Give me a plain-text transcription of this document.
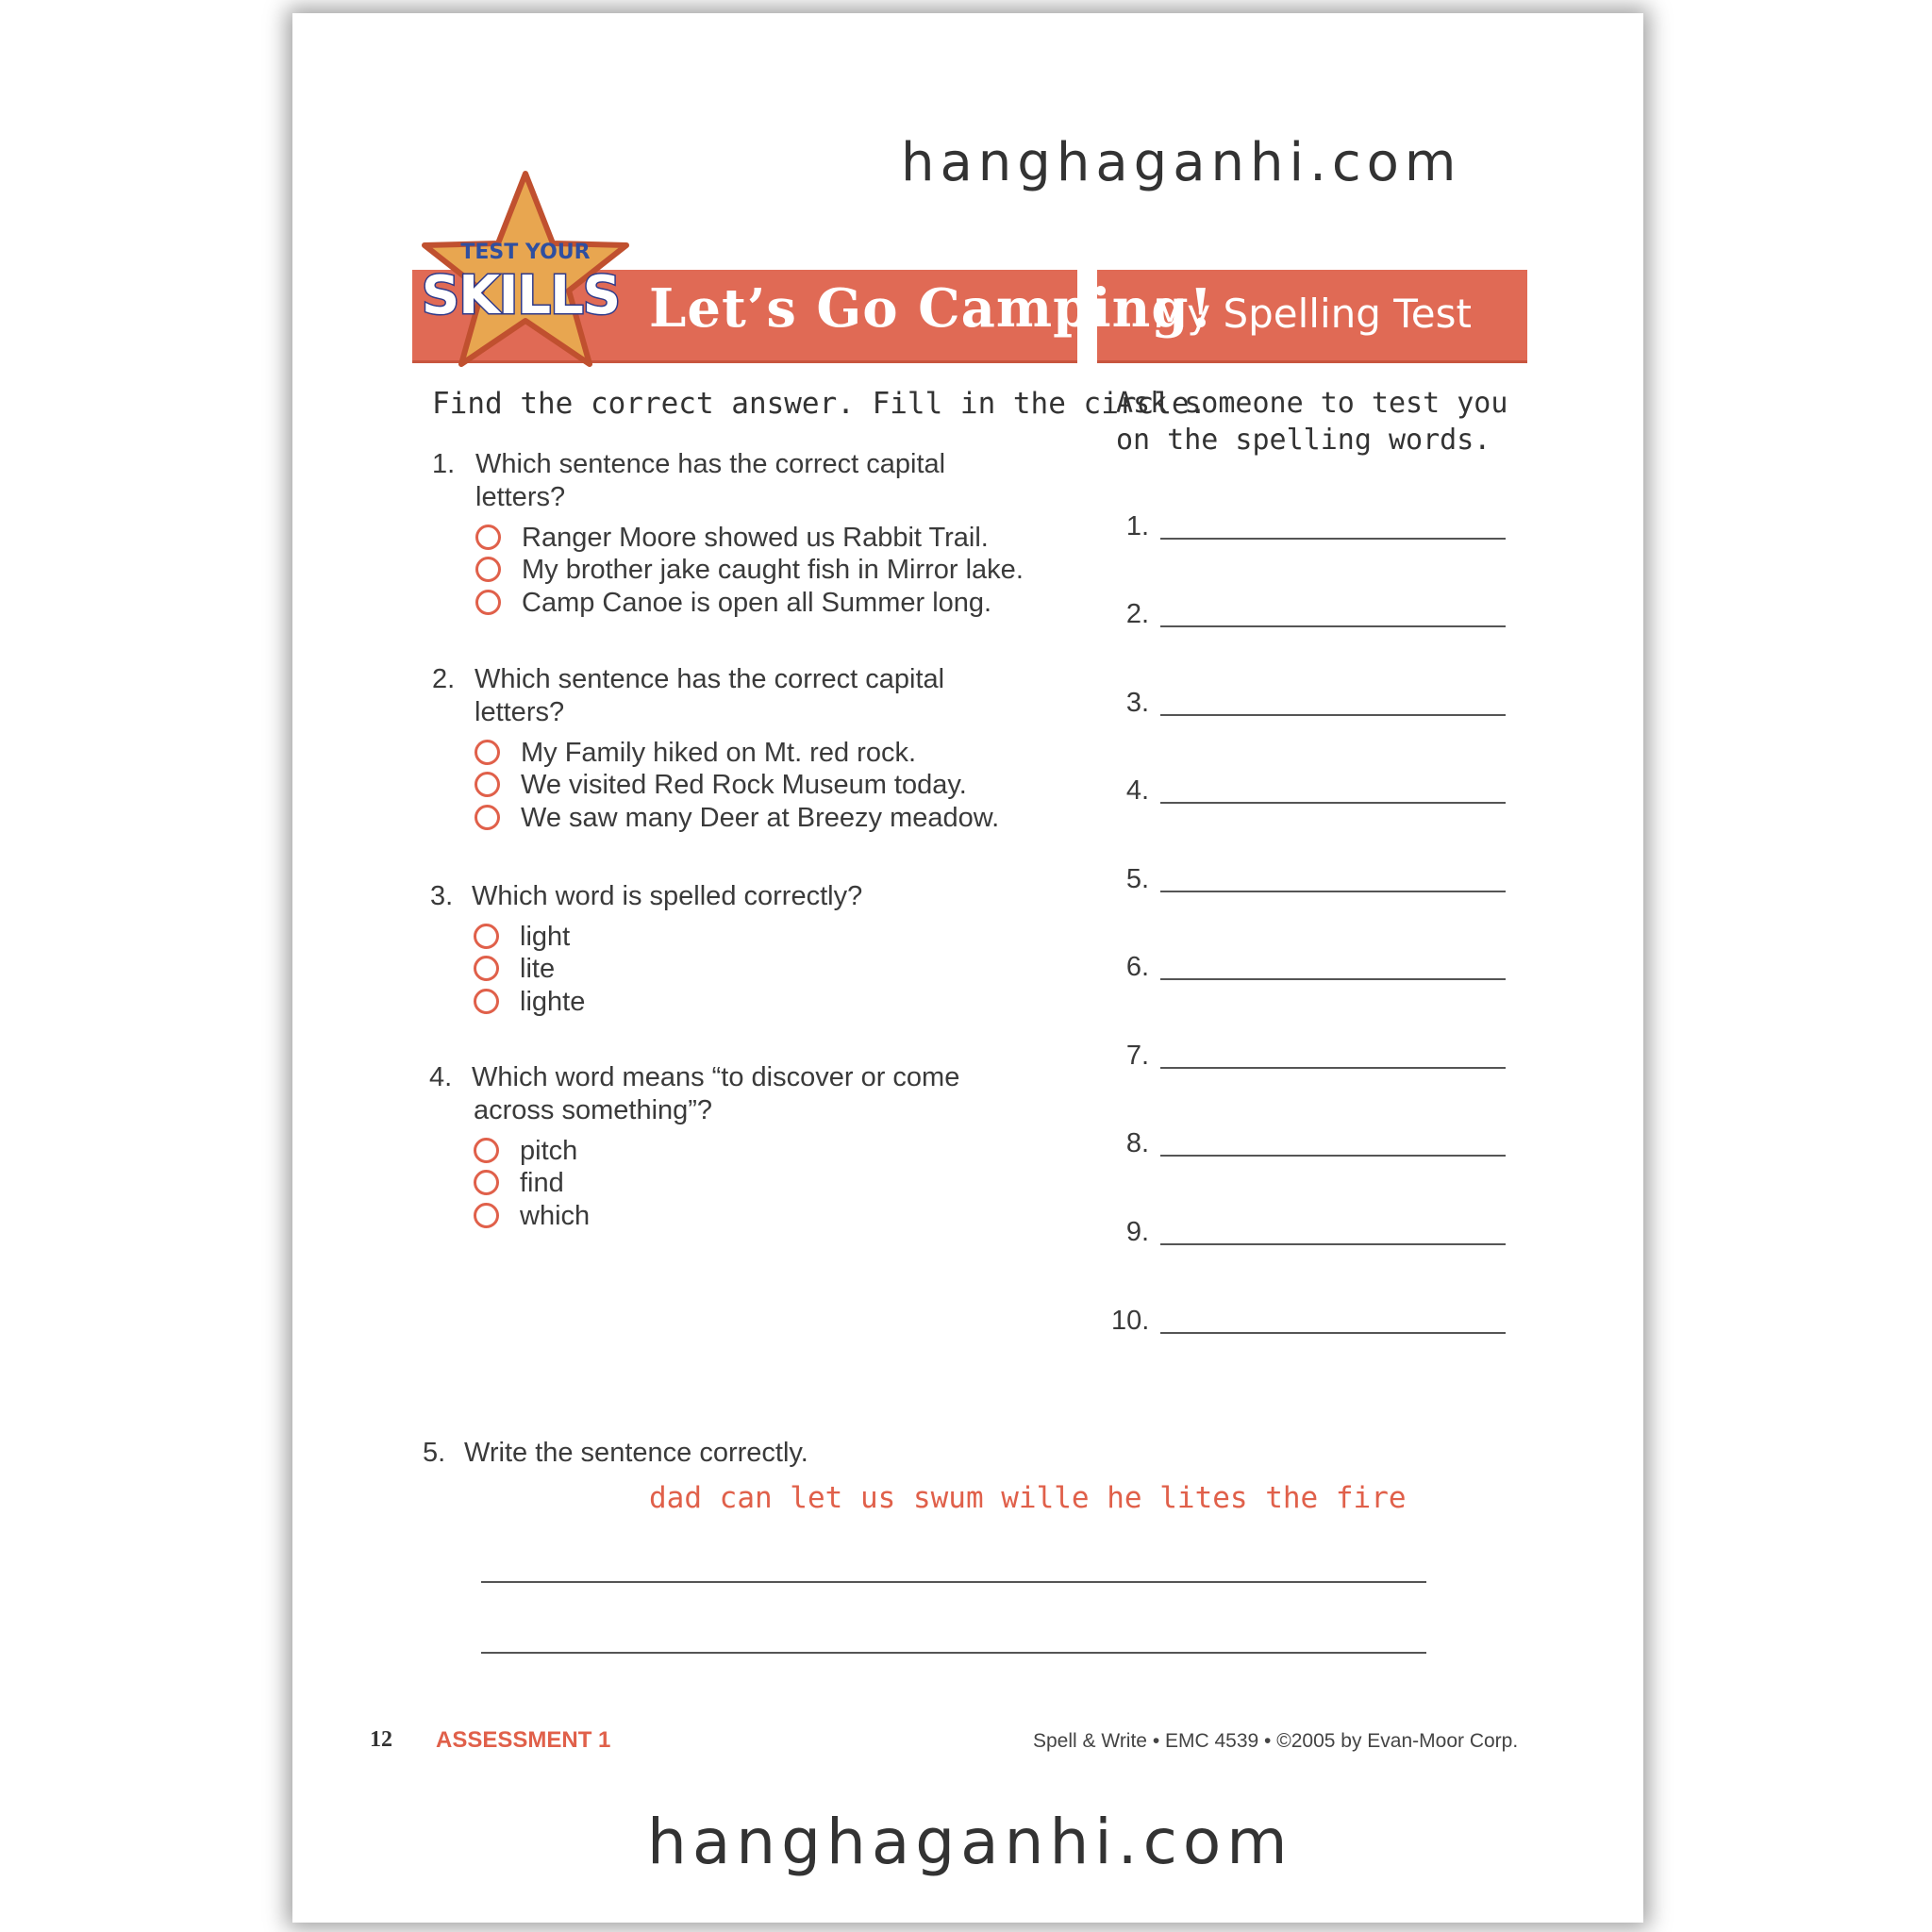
hanghaganhi.com
TEST YOUR
SKILLS Let’s Go Camping!
My Spelling Test
Find the correct answer. Fill in the circle.
1. Which sentence has the correct capital
letters?
Ranger Moore showed us Rabbit Trail.
My brother jake caught fish in Mirror lake.
Camp Canoe is open all Summer long.
2. Which sentence has the correct capital
letters?
My Family hiked on Mt. red rock.
We visited Red Rock Museum today.
We saw many Deer at Breezy meadow.
3. Which word is spelled correctly?
light
lite
lighte
4. Which word means “to discover or come
across something”?
pitch
find
which
Ask someone to test you
on the spelling words.
1.
2.
3.
4.
5.
6.
7.
8.
9.
10.
5. Write the sentence correctly.
dad can let us swum wille he lites the fire
12 ASSESSMENT 1	Spell & Write • EMC 4539 • ©2005 by Evan-Moor Corp.
hanghaganhi.com
